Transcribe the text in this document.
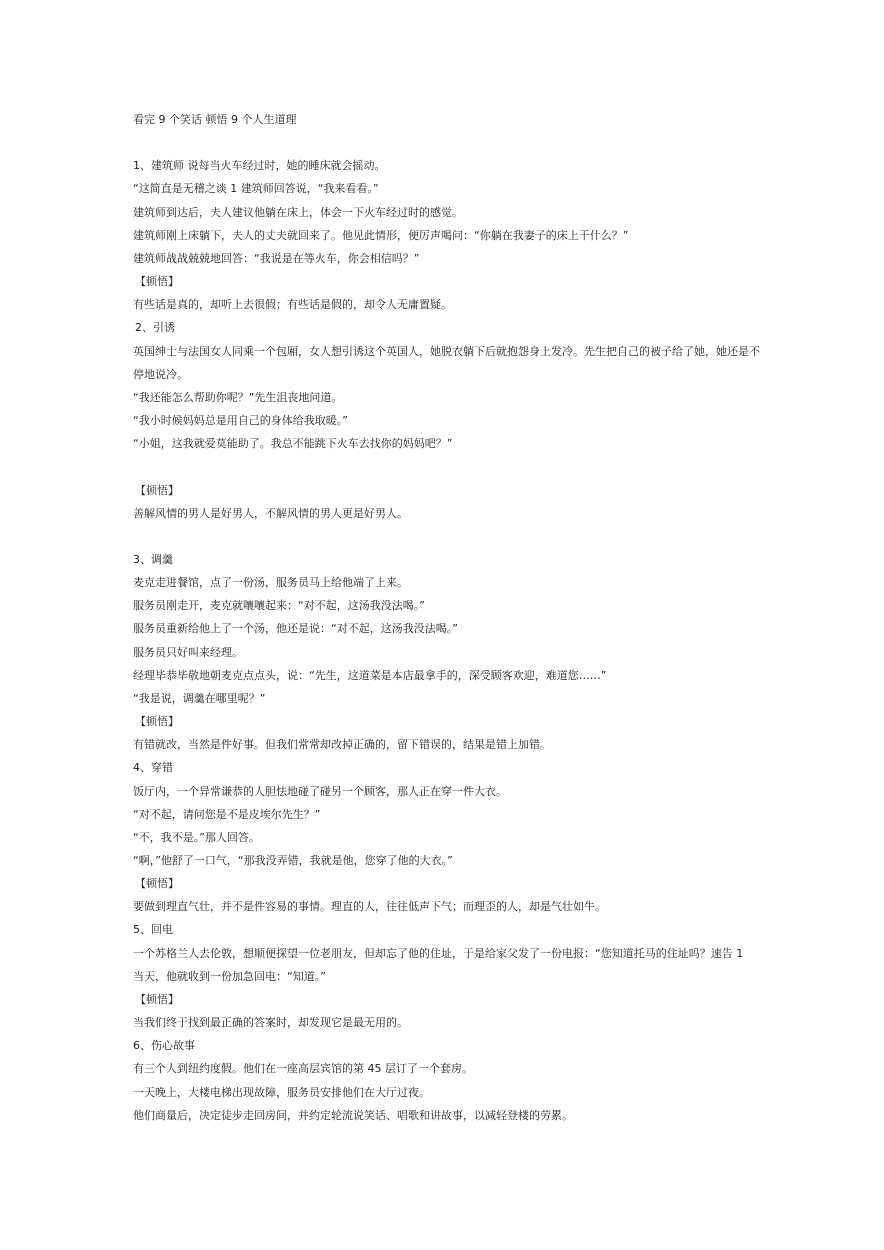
看完 9 个笑话 顿悟 9 个人生道理
1、建筑师 说每当火车经过时，她的睡床就会摇动。
“这简直是无稽之谈 1 建筑师回答说，“我来看看。”
建筑师到达后，夫人建议他躺在床上，体会一下火车经过时的感觉。
建筑师刚上床躺下，夫人的丈夫就回来了。他见此情形，便厉声喝问：“你躺在我妻子的床上干什么？”
建筑师战战兢兢地回答：“我说是在等火车，你会相信吗？”
【顿悟】
有些话是真的，却听上去很假；有些话是假的，却令人无庸置疑。
2、引诱
英国绅士与法国女人同乘一个包厢，女人想引诱这个英国人，她脱衣躺下后就抱怨身上发冷。先生把自己的被子给了她，她还是不
停地说冷。
“我还能怎么帮助你呢？”先生沮丧地问道。
“我小时候妈妈总是用自己的身体给我取暖。”
“小姐，这我就爱莫能助了。我总不能跳下火车去找你的妈妈吧？”
【顿悟】
善解风情的男人是好男人，不解风情的男人更是好男人。
3、调羹
麦克走进餐馆，点了一份汤，服务员马上给他端了上来。
服务员刚走开，麦克就嚷嚷起来：“对不起，这汤我没法喝。”
服务员重新给他上了一个汤，他还是说：“对不起，这汤我没法喝。”
服务员只好叫来经理。
经理毕恭毕敬地朝麦克点点头，说：“先生，这道菜是本店最拿手的，深受顾客欢迎，难道您……”
“我是说，调羹在哪里呢？”
【顿悟】
有错就改，当然是件好事。但我们常常却改掉正确的，留下错误的，结果是错上加错。
4、穿错
饭厅内，一个异常谦恭的人胆怯地碰了碰另一个顾客，那人正在穿一件大衣。
“对不起，请问您是不是皮埃尔先生？”
“不，我不是。”那人回答。
“啊，”他舒了一口气，“那我没弄错，我就是他，您穿了他的大衣。”
【顿悟】
要做到理直气壮，并不是件容易的事情。理直的人，往往低声下气；而理歪的人，却是气壮如牛。
5、回电
一个苏格兰人去伦敦，想顺便探望一位老朋友，但却忘了他的住址，于是给家父发了一份电报：“您知道托马的住址吗？速告 1
当天，他就收到一份加急回电：“知道。”
【顿悟】
当我们终于找到最正确的答案时，却发现它是最无用的。
6、伤心故事
有三个人到纽约度假。他们在一座高层宾馆的第 45 层订了一个套房。
一天晚上，大楼电梯出现故障，服务员安排他们在大厅过夜。
他们商量后，决定徒步走回房间，并约定轮流说笑话、唱歌和讲故事，以减轻登楼的劳累。
